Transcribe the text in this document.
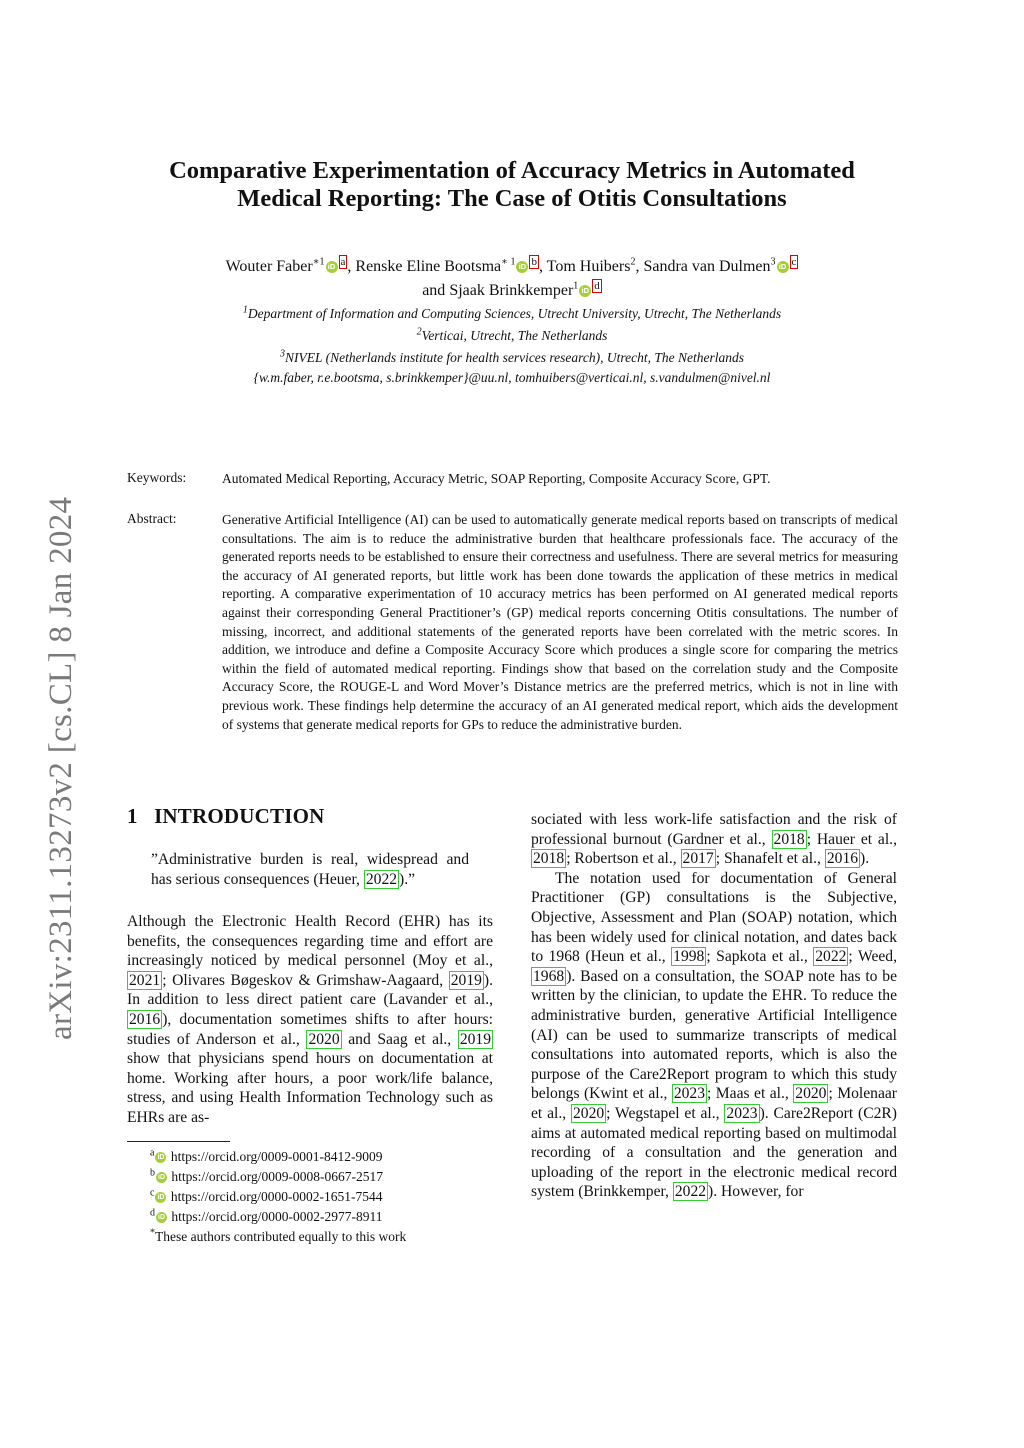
arXiv:2311.13273v2 [cs.CL] 8 Jan 2024
Comparative Experimentation of Accuracy Metrics in Automated
Medical Reporting: The Case of Otitis Consultations
Wouter Faber$^{∗1}$ iD $^a$ , Renske Eline Bootsma$^{∗ 1}$ iD $^b$ , Tom Huibers$^2$, Sandra van Dulmen$^3$ iD $^c$
and Sjaak Brinkkemper$^1$ iD $^d$
$^1$Department of Information and Computing Sciences, Utrecht University, Utrecht, The Netherlands
$^2$Verticai, Utrecht, The Netherlands
$^3$NIVEL (Netherlands institute for health services research), Utrecht, The Netherlands
{w.m.faber, r.e.bootsma, s.brinkkemper}@uu.nl, tomhuibers@verticai.nl, s.vandulmen@nivel.nl
Keywords:	Automated Medical Reporting, Accuracy Metric, SOAP Reporting, Composite Accuracy Score, GPT.
Abstract:	Generative Artificial Intelligence (AI) can be used to automatically generate medical reports based on transcripts of medical consultations. The aim is to reduce the administrative burden that healthcare professionals face. The accuracy of the generated reports needs to be established to ensure their correctness and usefulness. There are several metrics for measuring the accuracy of AI generated reports, but little work has been done towards the application of these metrics in medical reporting. A comparative experimentation of 10 accuracy metrics has been performed on AI generated medical reports against their corresponding General Practitioner’s (GP) medical reports concerning Otitis consultations. The number of missing, incorrect, and additional statements of the generated reports have been correlated with the metric scores. In addition, we introduce and define a Composite Accuracy Score which produces a single score for comparing the metrics within the field of automated medical reporting. Findings show that based on the correlation study and the Composite Accuracy Score, the ROUGE-L and Word Mover’s Distance metrics are the preferred metrics, which is not in line with previous work. These findings help determine the accuracy of an AI generated medical report, which aids the development of systems that generate medical reports for GPs to reduce the administrative burden.
1 INTRODUCTION
”Administrative burden is real, widespread and has serious consequences (Heuer, 2022 ).”

Although the Electronic Health Record (EHR) has its benefits, the consequences regarding time and effort are increasingly noticed by medical personnel (Moy et al., 2021 ; Olivares Bøgeskov & Grimshaw-Aagaard, 2019 ). In addition to less direct patient care (Lavander et al., 2016 ), documentation sometimes shifts to after hours: studies of Anderson et al., 2020 and Saag et al., 2019 show that physicians spend hours on documentation at home. Working after hours, a poor work/life balance, stress, and using Health Information Technology such as EHRs are as-

sociated with less work-life satisfaction and the risk of professional burnout (Gardner et al., 2018 ; Hauer et al., 2018 ; Robertson et al., 2017 ; Shanafelt et al., 2016 ).

The notation used for documentation of General Practitioner (GP) consultations is the Subjective, Objective, Assessment and Plan (SOAP) notation, which has been widely used for clinical notation, and dates back to 1968 (Heun et al., 1998 ; Sapkota et al., 2022 ; Weed, 1968 ). Based on a consultation, the SOAP note has to be written by the clinician, to update the EHR. To reduce the administrative burden, generative Artificial Intelligence (AI) can be used to summarize transcripts of medical consultations into automated reports, which is also the purpose of the Care2Report program to which this study belongs (Kwint et al., 2023 ; Maas et al., 2020 ; Molenaar et al., 2020 ; Wegstapel et al., 2023 ). Care2Report (C2R) aims at automated medical reporting based on multimodal recording of a consultation and the generation and uploading of the report in the electronic medical record system (Brinkkemper, 2022 ). However, for

$^a$ iD https://orcid.org/0009-0001-8412-9009
$^b$ iD https://orcid.org/0009-0008-0667-2517
$^c$ iD https://orcid.org/0000-0002-1651-7544
$^d$ iD https://orcid.org/0000-0002-2977-8911
*These authors contributed equally to this work
